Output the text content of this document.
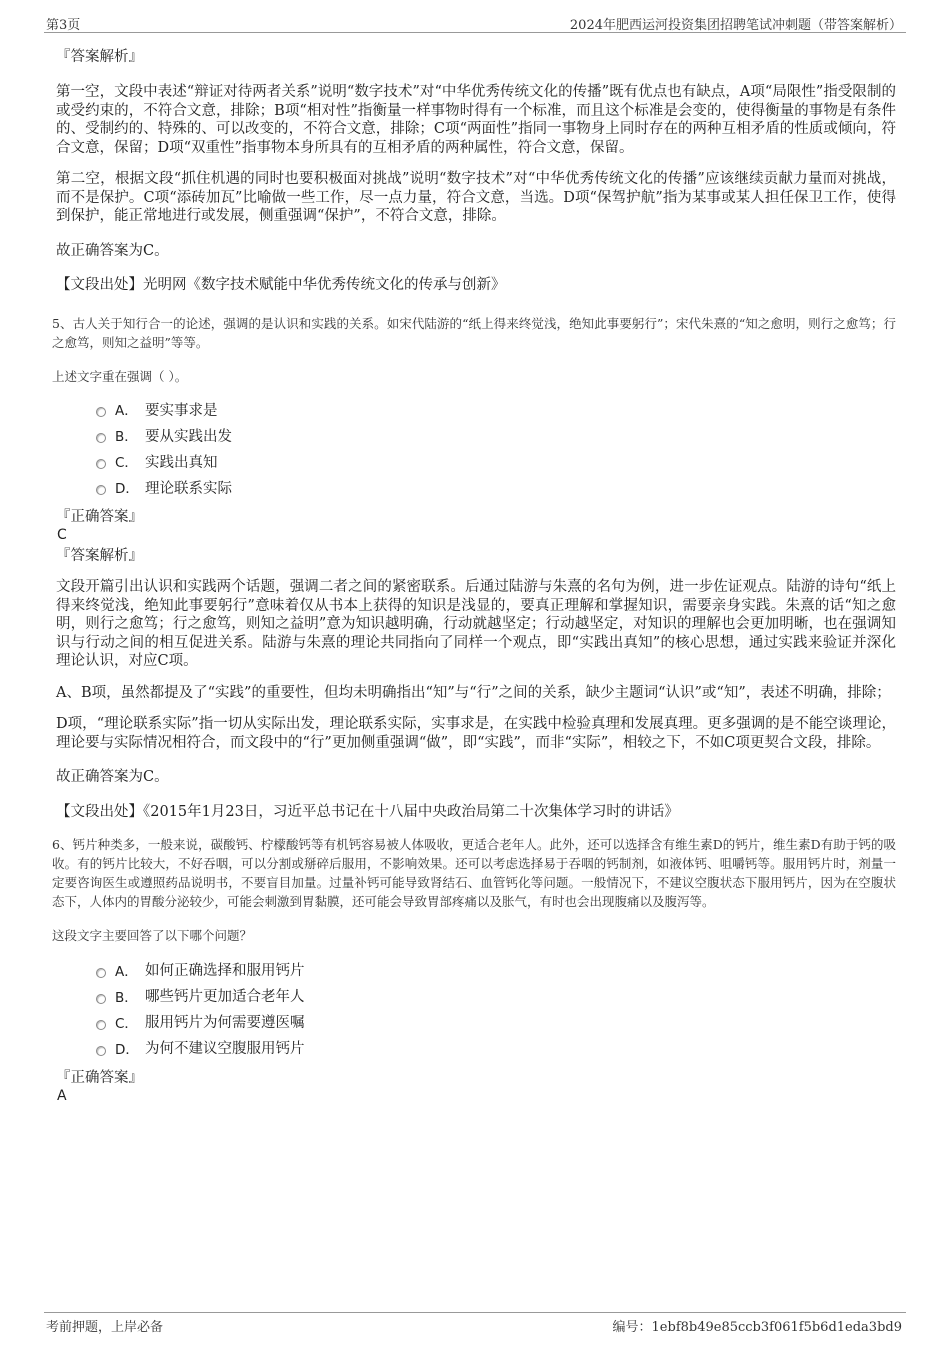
第3页	2024年肥西运河投资集团招聘笔试冲刺题（带答案解析）

『答案解析』

第一空，文段中表述“辩证对待两者关系”说明“数字技术”对“中华优秀传统文化的传播”既有优点也有缺点，A项“局限性”指受限制的或受约束的，不符合文意，排除；B项“相对性”指衡量一样事物时得有一个标准，而且这个标准是会变的，使得衡量的事物是有条件的、受制约的、特殊的、可以改变的，不符合文意，排除；C项“两面性”指同一事物身上同时存在的两种互相矛盾的性质或倾向，符合文意，保留；D项“双重性”指事物本身所具有的互相矛盾的两种属性，符合文意，保留。

第二空，根据文段“抓住机遇的同时也要积极面对挑战”说明“数字技术”对“中华优秀传统文化的传播”应该继续贡献力量而对挑战，而不是保护。C项“添砖加瓦”比喻做一些工作，尽一点力量，符合文意，当选。D项“保驾护航”指为某事或某人担任保卫工作，使得到保护，能正常地进行或发展，侧重强调“保护”，不符合文意，排除。

故正确答案为C。

【文段出处】光明网《数字技术赋能中华优秀传统文化的传承与创新》

5、古人关于知行合一的论述，强调的是认识和实践的关系。如宋代陆游的“纸上得来终觉浅，绝知此事要躬行”；宋代朱熹的“知之愈明，则行之愈笃；行之愈笃，则知之益明”等等。

上述文字重在强调（ ）。

A． 要实事求是
B． 要从实践出发
C． 实践出真知
D． 理论联系实际

『正确答案』

C

『答案解析』

文段开篇引出认识和实践两个话题，强调二者之间的紧密联系。后通过陆游与朱熹的名句为例，进一步佐证观点。陆游的诗句“纸上得来终觉浅，绝知此事要躬行”意味着仅从书本上获得的知识是浅显的，要真正理解和掌握知识，需要亲身实践。朱熹的话“知之愈明，则行之愈笃；行之愈笃，则知之益明”意为知识越明确，行动就越坚定；行动越坚定，对知识的理解也会更加明晰，也在强调知识与行动之间的相互促进关系。陆游与朱熹的理论共同指向了同样一个观点，即“实践出真知”的核心思想，通过实践来验证并深化理论认识，对应C项。

A、B项，虽然都提及了“实践”的重要性，但均未明确指出“知”与“行”之间的关系，缺少主题词“认识”或“知”，表述不明确，排除；

D项，“理论联系实际”指一切从实际出发，理论联系实际，实事求是，在实践中检验真理和发展真理。更多强调的是不能空谈理论，理论要与实际情况相符合，而文段中的“行”更加侧重强调“做”，即“实践”，而非“实际”，相较之下，不如C项更契合文段，排除。

故正确答案为C。

【文段出处】《2015年1月23日，习近平总书记在十八届中央政治局第二十次集体学习时的讲话》

6、钙片种类多，一般来说，碳酸钙、柠檬酸钙等有机钙容易被人体吸收，更适合老年人。此外，还可以选择含有维生素D的钙片，维生素D有助于钙的吸收。有的钙片比较大，不好吞咽，可以分割或掰碎后服用，不影响效果。还可以考虑选择易于吞咽的钙制剂，如液体钙、咀嚼钙等。服用钙片时，剂量一定要咨询医生或遵照药品说明书，不要盲目加量。过量补钙可能导致肾结石、血管钙化等问题。一般情况下，不建议空腹状态下服用钙片，因为在空腹状态下，人体内的胃酸分泌较少，可能会刺激到胃黏膜，还可能会导致胃部疼痛以及胀气，有时也会出现腹痛以及腹泻等。

这段文字主要回答了以下哪个问题？

A． 如何正确选择和服用钙片
B． 哪些钙片更加适合老年人
C． 服用钙片为何需要遵医嘱
D． 为何不建议空腹服用钙片

『正确答案』

A

考前押题，上岸必备	编号：1ebf8b49e85ccb3f061f5b6d1eda3bd9
